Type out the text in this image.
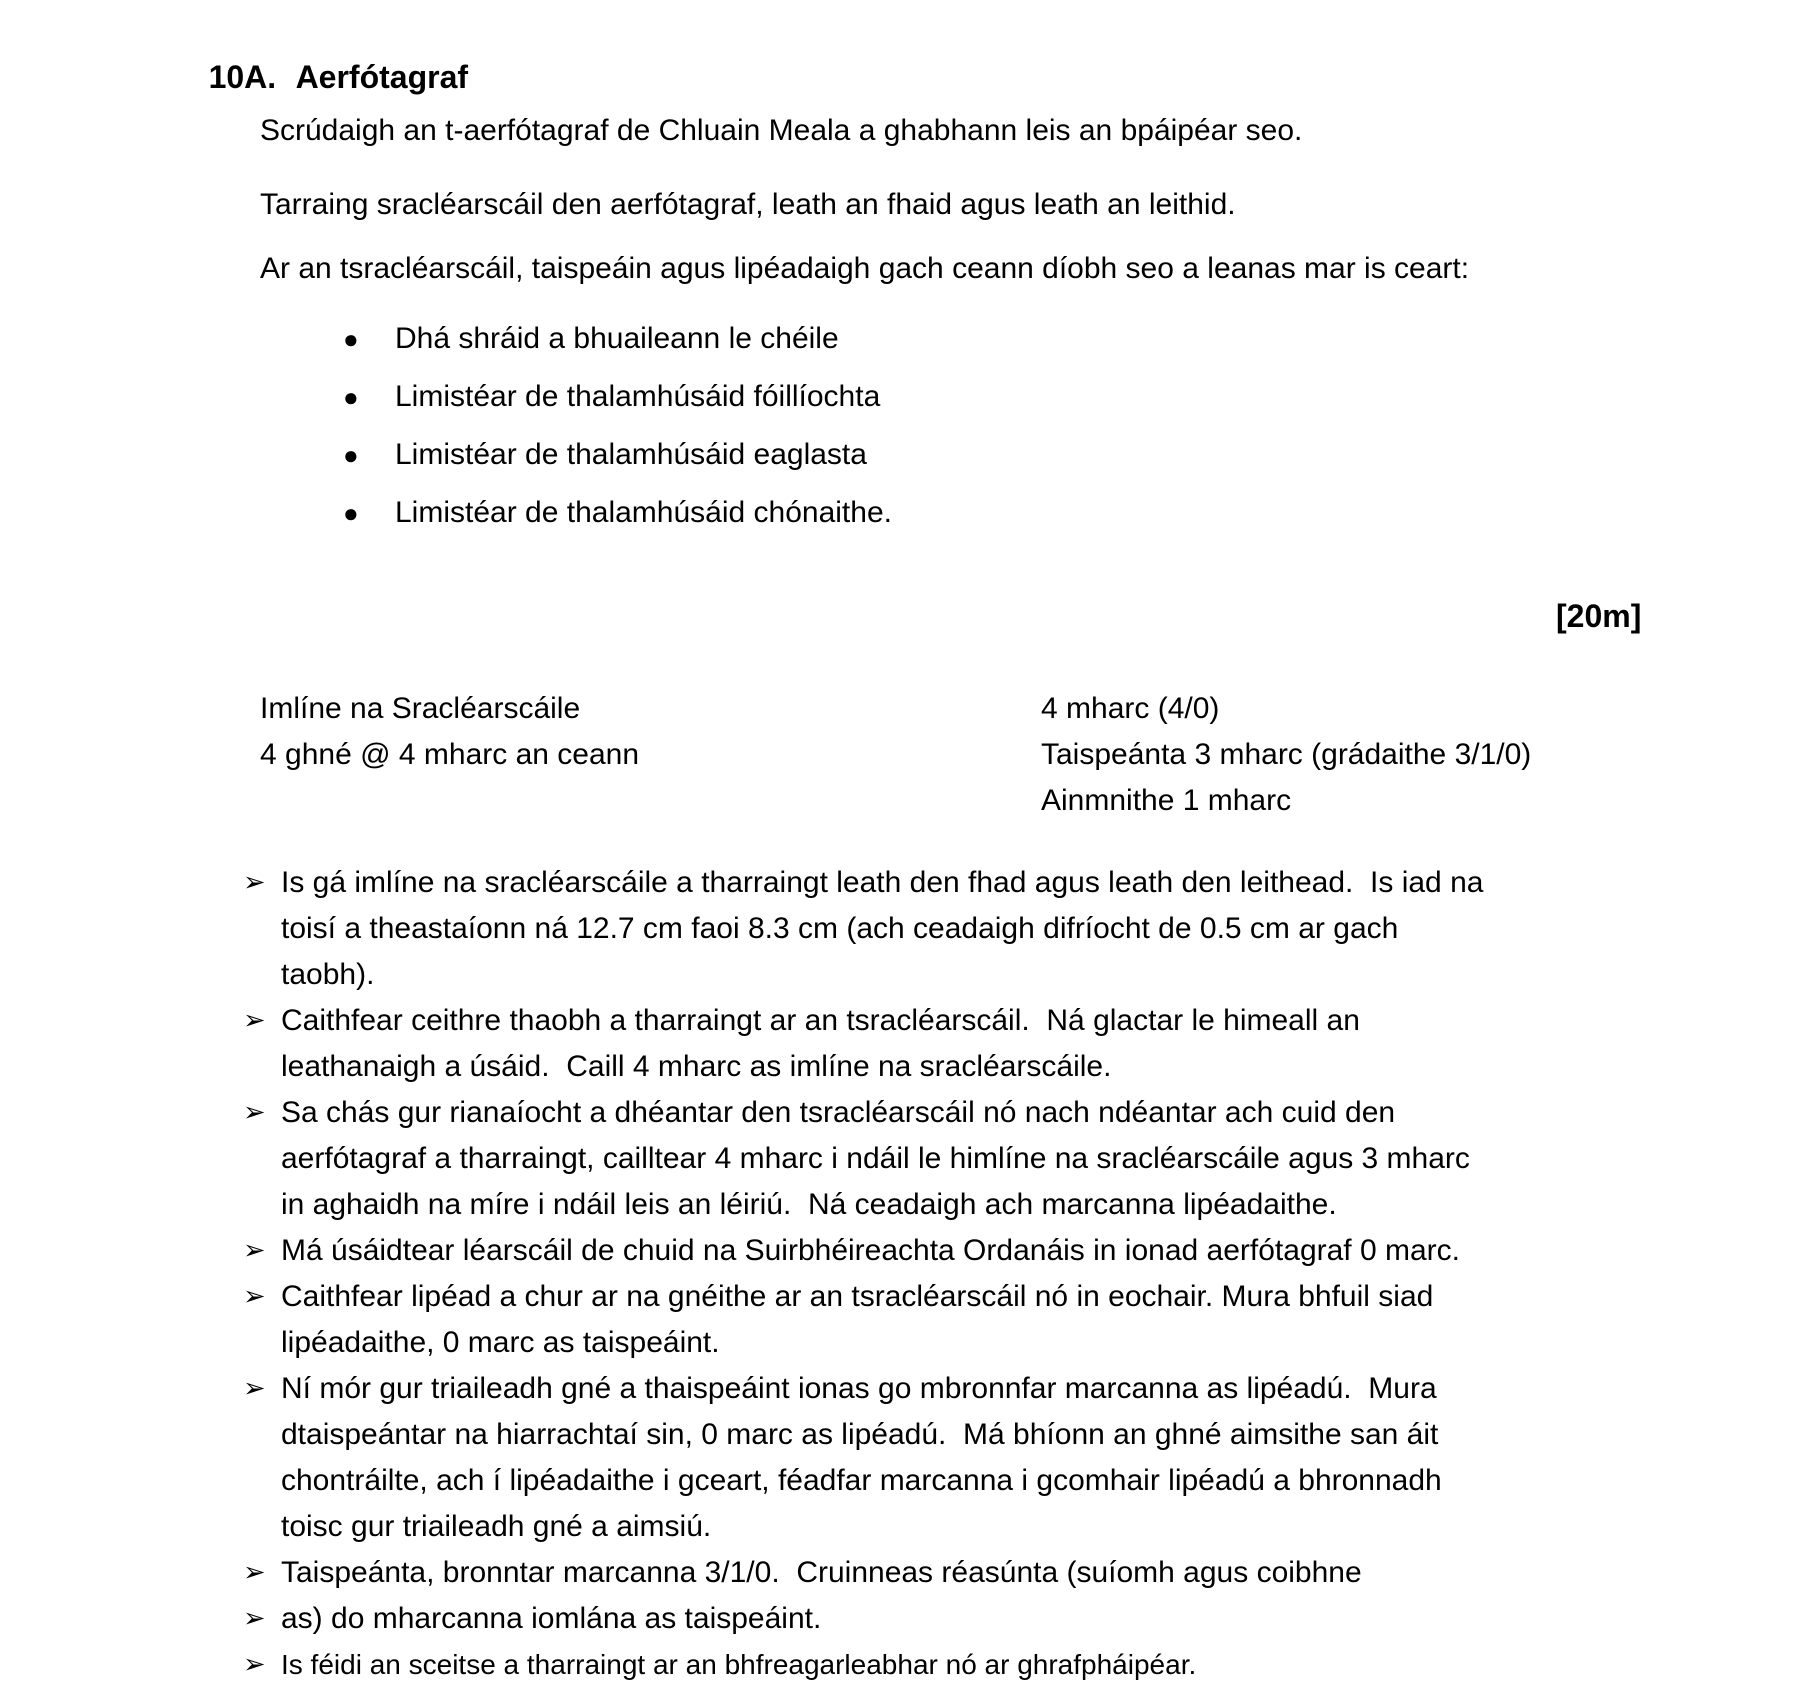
10A. Aerfótagraf

Scrúdaigh an t-aerfótagraf de Chluain Meala a ghabhann leis an bpáipéar seo.

Tarraing sracléarscáil den aerfótagraf, leath an fhaid agus leath an leithid.

Ar an tsracléarscáil, taispeáin agus lipéadaigh gach ceann díobh seo a leanas mar is ceart:

● Dhá shráid a bhuaileann le chéile
● Limistéar de thalamhúsáid fóillíochta
● Limistéar de thalamhúsáid eaglasta
● Limistéar de thalamhúsáid chónaithe.
[20m]
Imlíne na Sracléarscáile
4 ghné @ 4 mharc an ceann
4 mharc (4/0)
Taispeánta 3 mharc (grádaithe 3/1/0)
Ainmnithe 1 mharc
➢ Is gá imlíne na sracléarscáile a tharraingt leath den fhad agus leath den leithead.  Is iad na
toisí a theastaíonn ná 12.7 cm faoi 8.3 cm (ach ceadaigh difríocht de 0.5 cm ar gach
taobh).
➢ Caithfear ceithre thaobh a tharraingt ar an tsracléarscáil.  Ná glactar le himeall an
leathanaigh a úsáid.  Caill 4 mharc as imlíne na sracléarscáile.
➢ Sa chás gur rianaíocht a dhéantar den tsracléarscáil nó nach ndéantar ach cuid den
aerfótagraf a tharraingt, cailltear 4 mharc i ndáil le himlíne na sracléarscáile agus 3 mharc
in aghaidh na míre i ndáil leis an léiriú.  Ná ceadaigh ach marcanna lipéadaithe.
➢ Má úsáidtear léarscáil de chuid na Suirbhéireachta Ordanáis in ionad aerfótagraf 0 marc.
➢ Caithfear lipéad a chur ar na gnéithe ar an tsracléarscáil nó in eochair. Mura bhfuil siad
lipéadaithe, 0 marc as taispeáint.
➢ Ní mór gur triaileadh gné a thaispeáint ionas go mbronnfar marcanna as lipéadú.  Mura
dtaispeántar na hiarrachtaí sin, 0 marc as lipéadú.  Má bhíonn an ghné aimsithe san áit
chontráilte, ach í lipéadaithe i gceart, féadfar marcanna i gcomhair lipéadú a bhronnadh
toisc gur triaileadh gné a aimsiú.
➢ Taispeánta, bronntar marcanna 3/1/0.  Cruinneas réasúnta (suíomh agus coibhne
➢ as) do mharcanna iomlána as taispeáint.
➢ Is féidi an sceitse a tharraingt ar an bhfreagarleabhar nó ar ghrafpháipéar.
